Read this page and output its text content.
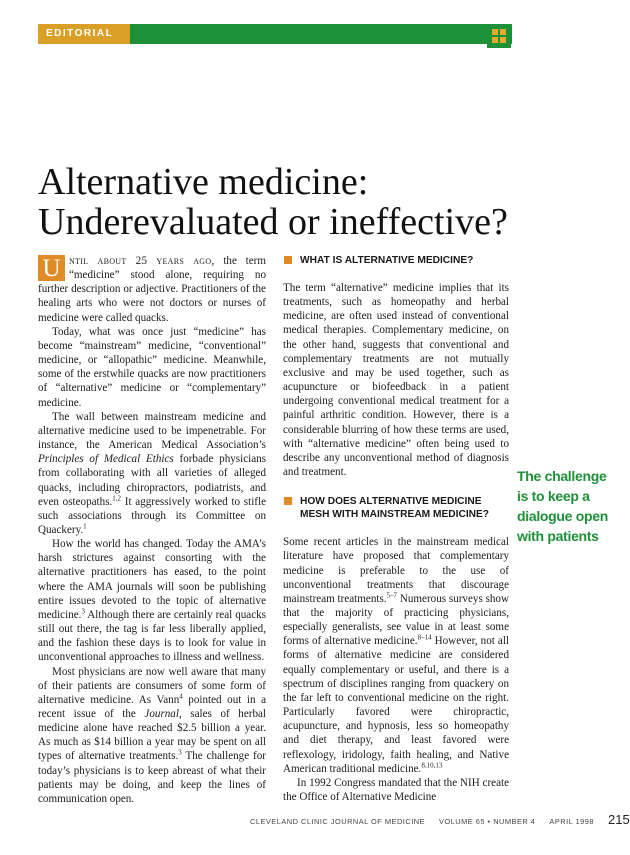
EDITORIAL
Alternative medicine:
Underevaluated or ineffective?

U ntil about 25 years ago, the term “medicine” stood alone, requiring no further description or adjective. Practitioners of the healing arts who were not doctors or nurses of medicine were called quacks.

Today, what was once just “medicine” has become “mainstream” medicine, “conventional” medicine, or “allopathic” medicine. Meanwhile, some of the erstwhile quacks are now practitioners of “alternative” medicine or “complementary” medicine.

The wall between mainstream medicine and alternative medicine used to be impenetrable. For instance, the American Medical Association’s Principles of Medical Ethics forbade physicians from collaborating with all varieties of alleged quacks, including chiropractors, podiatrists, and even osteopaths.$^{1,2}$ It aggressively worked to stifle such associations through its Committee on Quackery.$^1$

How the world has changed. Today the AMA’s harsh strictures against consorting with the alternative practitioners has eased, to the point where the AMA journals will soon be publishing entire issues devoted to the topic of alternative medicine.$^3$ Although there are certainly real quacks still out there, the tag is far less liberally applied, and the fashion these days is to look for value in unconventional approaches to illness and wellness.

Most physicians are now well aware that many of their patients are consumers of some form of alternative medicine. As Vann$^4$ pointed out in a recent issue of the Journal, sales of herbal medicine alone have reached $2.5 billion a year. As much as $14 billion a year may be spent on all types of alternative treatments.$^3$ The challenge for today’s physicians is to keep abreast of what their patients may be doing, and keep the lines of communication open.

WHAT IS ALTERNATIVE MEDICINE?

The term “alternative” medicine implies that its treatments, such as homeopathy and herbal medicine, are often used instead of conventional medical therapies. Complementary medicine, on the other hand, suggests that conventional and complementary treatments are not mutually exclusive and may be used together, such as acupuncture or biofeedback in a patient undergoing conventional medical treatment for a painful arthritic condition. However, there is a considerable blurring of how these terms are used, with “alternative medicine” often being used to describe any unconventional method of diagnosis and treatment.

HOW DOES ALTERNATIVE MEDICINE MESH WITH MAINSTREAM MEDICINE?

Some recent articles in the mainstream medical literature have proposed that complementary medicine is preferable to the use of unconventional treatments that discourage mainstream treatments.$^{5-7}$ Numerous surveys show that the majority of practicing physicians, especially generalists, see value in at least some forms of alternative medicine.$^{8-14}$ However, not all forms of alternative medicine are considered equally complementary or useful, and there is a spectrum of disciplines ranging from quackery on the far left to conventional medicine on the right. Particularly favored were chiropractic, acupuncture, and hypnosis, less so homeopathy and diet therapy, and least favored were reflexology, iridology, faith healing, and Native American traditional medicine.$^{8,10,13}$

In 1992 Congress mandated that the NIH create the Office of Alternative Medicine

The challenge is to keep a dialogue open with patients

CLEVELAND CLINIC JOURNAL OF MEDICINE VOLUME 65 • NUMBER 4 APRIL 1998 215
